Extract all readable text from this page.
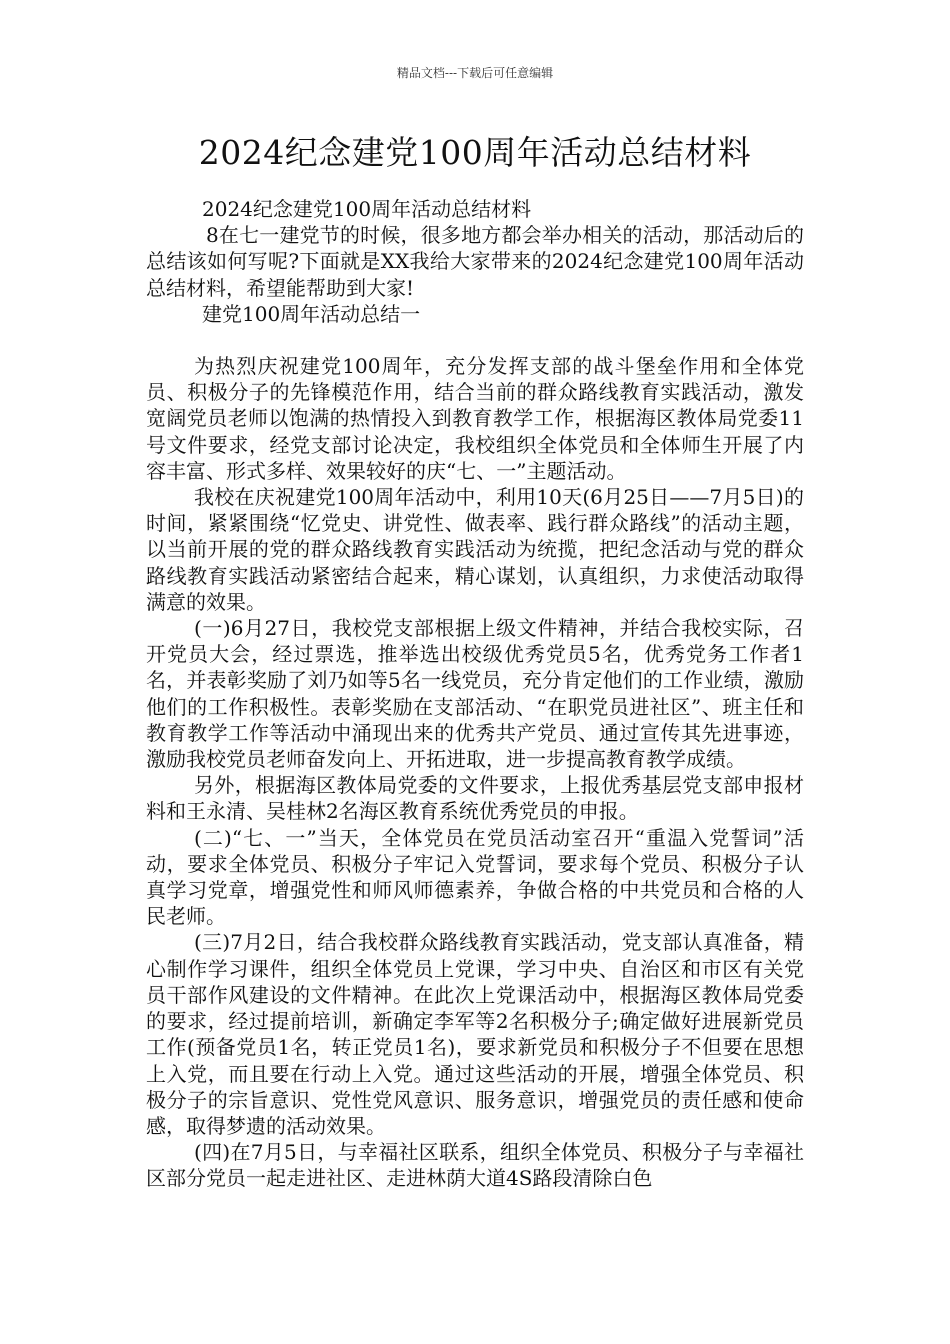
精品文档---下载后可任意编辑
2024纪念建党100周年活动总结材料

2024纪念建党100周年活动总结材料

8在七一建党节的时候，很多地方都会举办相关的活动，那活动后的总结该如何写呢?下面就是XX我给大家带来的2024纪念建党100周年活动总结材料，希望能帮助到大家!

建党100周年活动总结一

为热烈庆祝建党100周年，充分发挥支部的战斗堡垒作用和全体党员、积极分子的先锋模范作用，结合当前的群众路线教育实践活动，激发宽阔党员老师以饱满的热情投入到教育教学工作，根据海区教体局党委11号文件要求，经党支部讨论决定，我校组织全体党员和全体师生开展了内容丰富、形式多样、效果较好的庆“七、一”主题活动。

我校在庆祝建党100周年活动中，利用10天(6月25日——7月5日)的时间，紧紧围绕“忆党史、讲党性、做表率、践行群众路线”的活动主题，以当前开展的党的群众路线教育实践活动为统揽，把纪念活动与党的群众路线教育实践活动紧密结合起来，精心谋划，认真组织，力求使活动取得满意的效果。

(一)6月27日，我校党支部根据上级文件精神，并结合我校实际，召开党员大会，经过票选，推举选出校级优秀党员5名，优秀党务工作者1名，并表彰奖励了刘乃如等5名一线党员，充分肯定他们的工作业绩，激励他们的工作积极性。表彰奖励在支部活动、“在职党员进社区”、班主任和教育教学工作等活动中涌现出来的优秀共产党员、通过宣传其先进事迹，激励我校党员老师奋发向上、开拓进取，进一步提高教育教学成绩。

另外，根据海区教体局党委的文件要求，上报优秀基层党支部申报材料和王永清、吴桂林2名海区教育系统优秀党员的申报。

(二)“七、一”当天，全体党员在党员活动室召开“重温入党誓词”活动，要求全体党员、积极分子牢记入党誓词，要求每个党员、积极分子认真学习党章，增强党性和师风师德素养，争做合格的中共党员和合格的人民老师。

(三)7月2日，结合我校群众路线教育实践活动，党支部认真准备，精心制作学习课件，组织全体党员上党课，学习中央、自治区和市区有关党员干部作风建设的文件精神。在此次上党课活动中，根据海区教体局党委的要求，经过提前培训，新确定李军等2名积极分子;确定做好进展新党员工作(预备党员1名，转正党员1名)，要求新党员和积极分子不但要在思想上入党，而且要在行动上入党。通过这些活动的开展，增强全体党员、积极分子的宗旨意识、党性党风意识、服务意识，增强党员的责任感和使命感，取得梦遗的活动效果。

(四)在7月5日，与幸福社区联系，组织全体党员、积极分子与幸福社区部分党员一起走进社区、走进林荫大道4S路段清除白色
